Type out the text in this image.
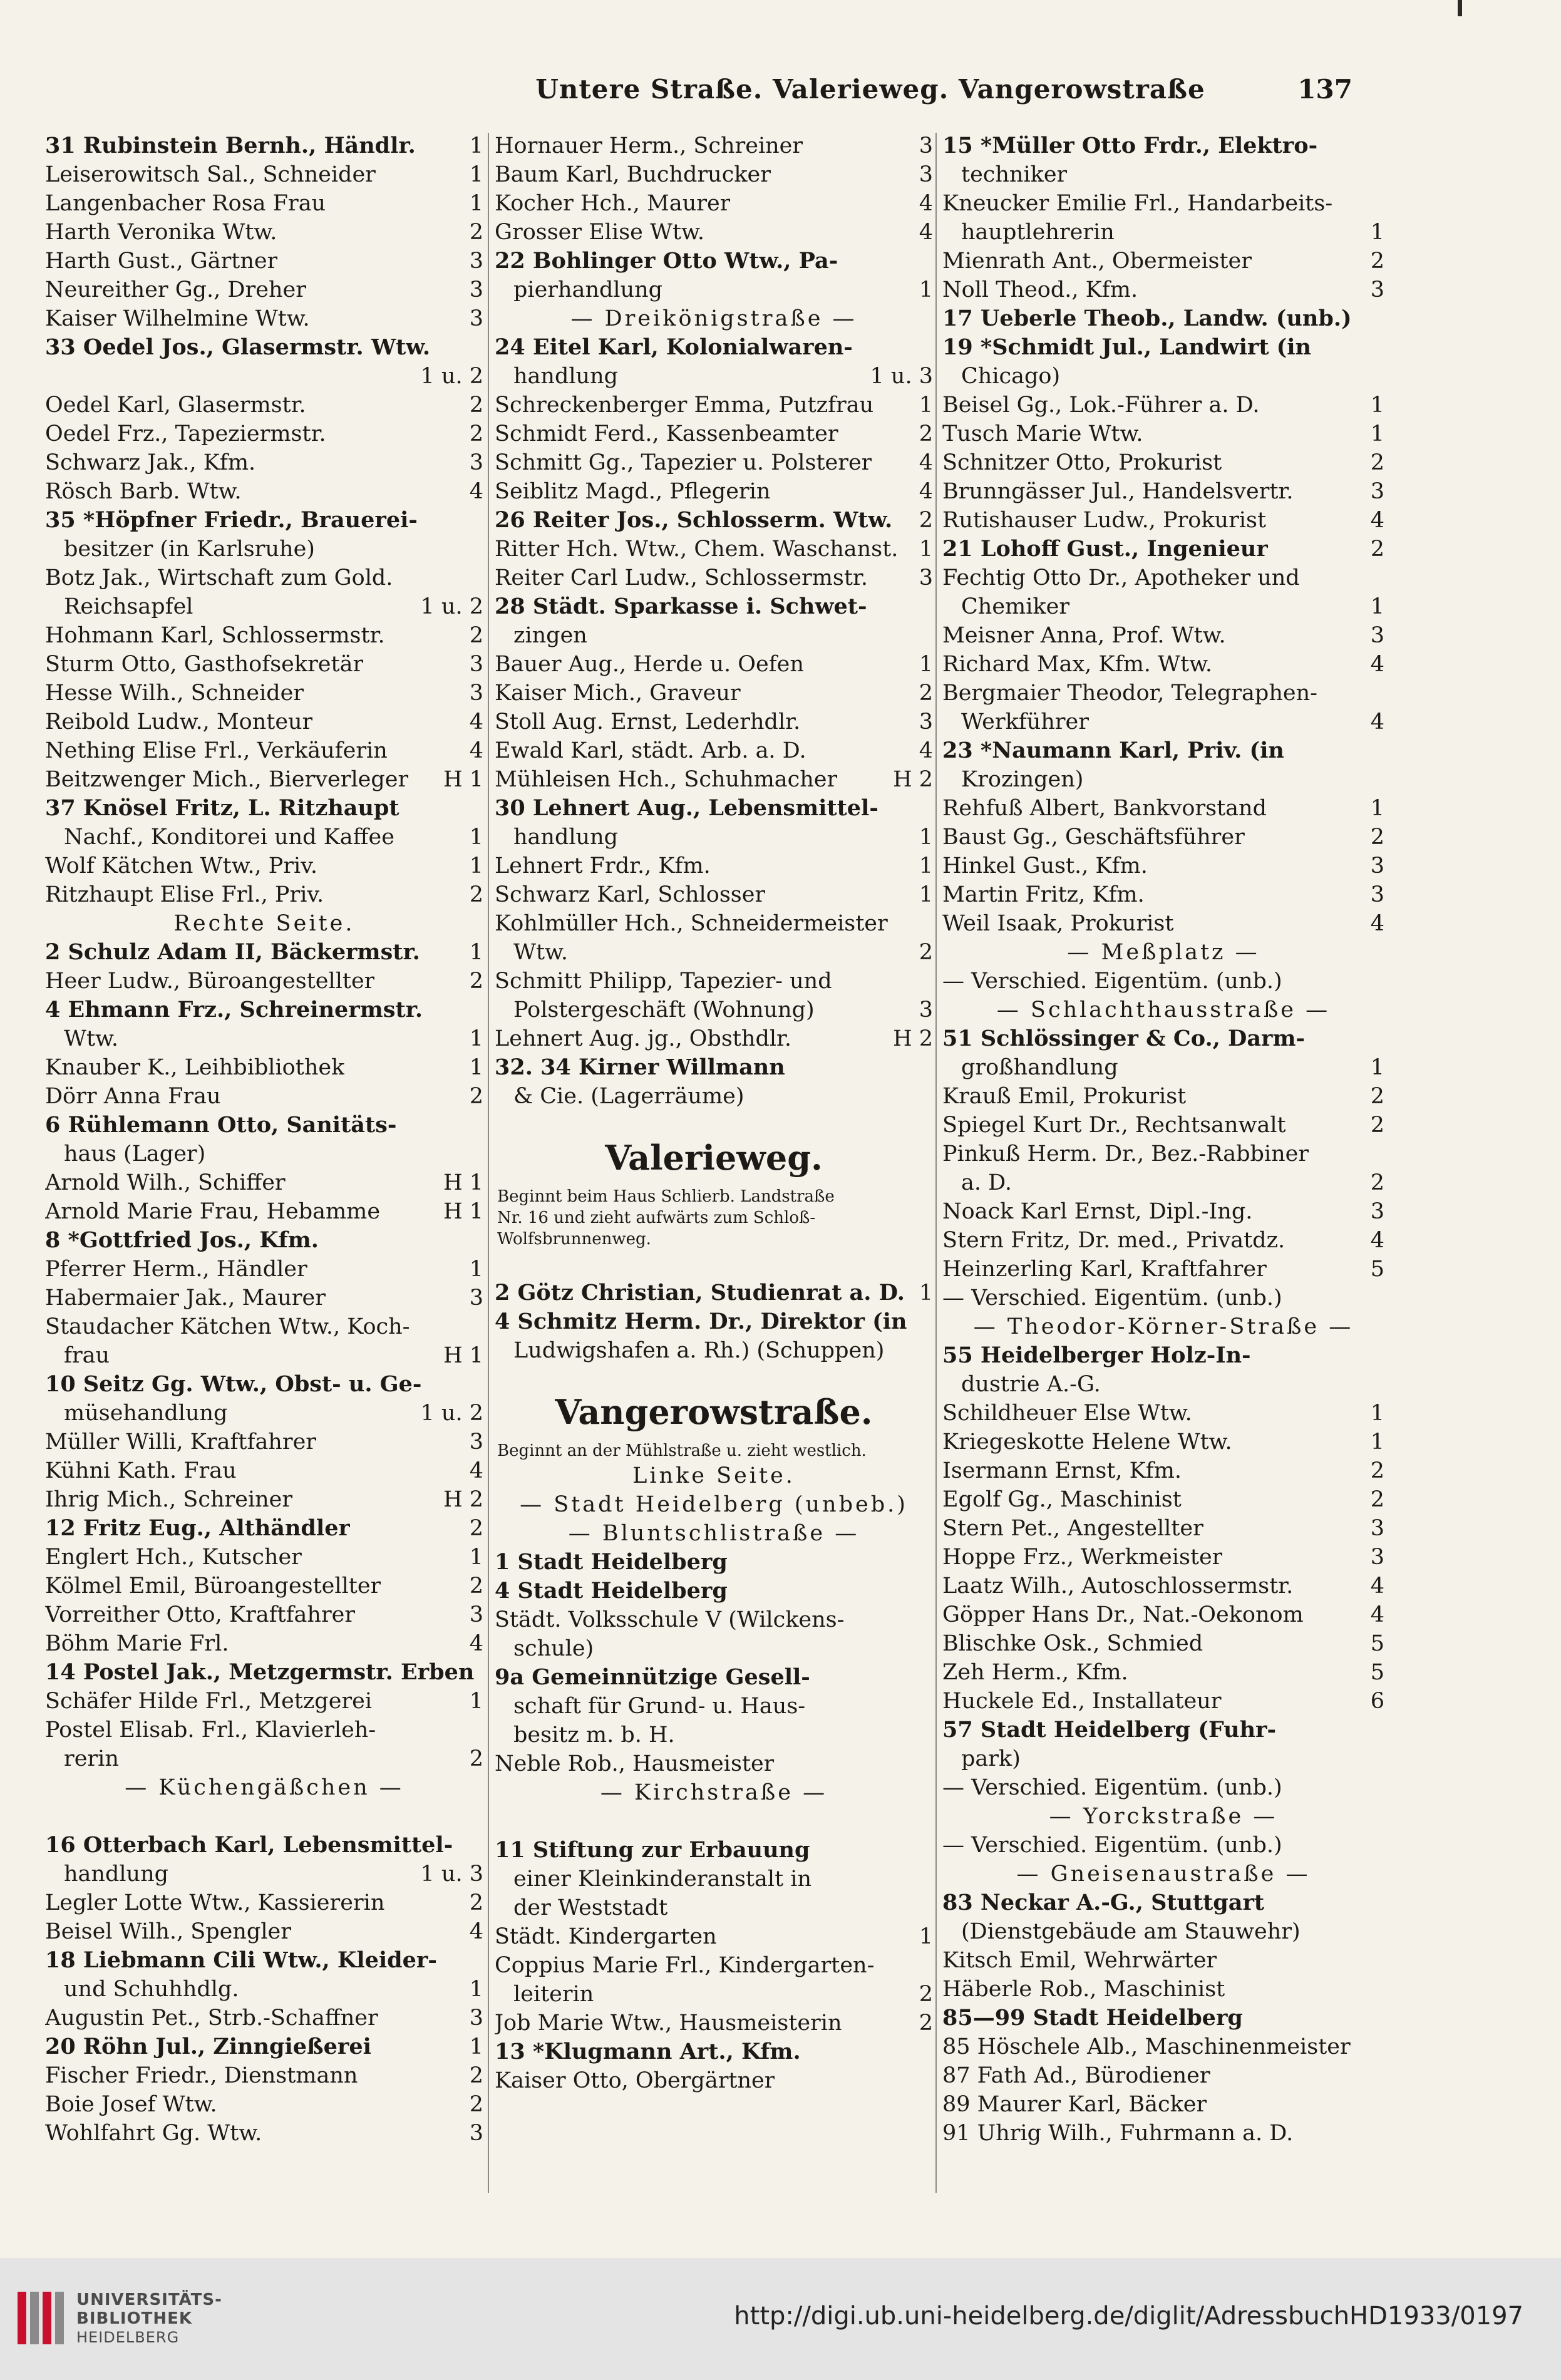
Untere Straße. Valerieweg. Vangerowstraße	137
31 Rubinstein Bernh., Händlr. 1
Leiserowitsch Sal., Schneider	1
Langenbacher Rosa Frau	1
Harth Veronika Wtw.	2
Harth Gust., Gärtner	3
Neureither Gg., Dreher	3
Kaiser Wilhelmine Wtw.	3
33 Oedel Jos., Glasermstr. Wtw.
1 u. 2
Oedel Karl, Glasermstr.	2
Oedel Frz., Tapeziermstr.	2
Schwarz Jak., Kfm.	3
Rösch Barb. Wtw.	4
35 *Höpfner Friedr., Brauerei-
besitzer (in Karlsruhe)
Botz Jak., Wirtschaft zum Gold.
Reichsapfel	1 u. 2
Hohmann Karl, Schlossermstr.	2
Sturm Otto, Gasthofsekretär	3
Hesse Wilh., Schneider	3
Reibold Ludw., Monteur	4
Nething Elise Frl., Verkäuferin	4
Beitzwenger Mich., Bierverleger H 1
37 Knösel Fritz, L. Ritzhaupt
Nachf., Konditorei und Kaffee	1
Wolf Kätchen Wtw., Priv.	1
Ritzhaupt Elise Frl., Priv.	2
Rechte Seite.
2 Schulz Adam II, Bäckermstr. 1
Heer Ludw., Büroangestellter	2
4 Ehmann Frz., Schreinermstr.
Wtw.	1
Knauber K., Leihbibliothek	1
Dörr Anna Frau	2
6 Rühlemann Otto, Sanitäts-
haus (Lager)
Arnold Wilh., Schiffer	H 1
Arnold Marie Frau, Hebamme	H 1
8 *Gottfried Jos., Kfm.
Pferrer Herm., Händler	1
Habermaier Jak., Maurer	3
Staudacher Kätchen Wtw., Koch-
frau	H 1
10 Seitz Gg. Wtw., Obst- u. Ge-
müsehandlung	1 u. 2
Müller Willi, Kraftfahrer	3
Kühni Kath. Frau	4
Ihrig Mich., Schreiner	H 2
12 Fritz Eug., Althändler	2
Englert Hch., Kutscher	1
Kölmel Emil, Büroangestellter	2
Vorreither Otto, Kraftfahrer	3
Böhm Marie Frl.	4
14 Postel Jak., Metzgermstr. Erben
Schäfer Hilde Frl., Metzgerei	1
Postel Elisab. Frl., Klavierleh-
rerin	2
— Küchengäßchen —
16 Otterbach Karl, Lebensmittel-
handlung	1 u. 3
Legler Lotte Wtw., Kassiererin	2
Beisel Wilh., Spengler	4
18 Liebmann Cili Wtw., Kleider-
und Schuhhdlg.	1
Augustin Pet., Strb.-Schaffner	3
20 Röhn Jul., Zinngießerei	1
Fischer Friedr., Dienstmann	2
Boie Josef Wtw.	2
Wohlfahrt Gg. Wtw.	3
Hornauer Herm., Schreiner	3
Baum Karl, Buchdrucker	3
Kocher Hch., Maurer	4
Grosser Elise Wtw.	4
22 Bohlinger Otto Wtw., Pa-
pierhandlung	1
— Dreikönigstraße —
24 Eitel Karl, Kolonialwaren-
handlung	1 u. 3
Schreckenberger Emma, Putzfrau 1
Schmidt Ferd., Kassenbeamter	2
Schmitt Gg., Tapezier u. Polsterer 4
Seiblitz Magd., Pflegerin	4
26 Reiter Jos., Schlosserm. Wtw. 2
Ritter Hch. Wtw., Chem. Waschanst. 1
Reiter Carl Ludw., Schlossermstr. 3
28 Städt. Sparkasse i. Schwet-
zingen
Bauer Aug., Herde u. Oefen	1
Kaiser Mich., Graveur	2
Stoll Aug. Ernst, Lederhdlr.	3
Ewald Karl, städt. Arb. a. D.	4
Mühleisen Hch., Schuhmacher	H 2
30 Lehnert Aug., Lebensmittel-
handlung	1
Lehnert Frdr., Kfm.	1
Schwarz Karl, Schlosser	1
Kohlmüller Hch., Schneidermeister
Wtw.	2
Schmitt Philipp, Tapezier- und
Polstergeschäft (Wohnung)	3
Lehnert Aug. jg., Obsthdlr.	H 2
32. 34 Kirner Willmann
& Cie. (Lagerräume)
Valerieweg.
Beginnt beim Haus Schlierb. Landstraße
Nr. 16 und zieht aufwärts zum Schloß-
Wolfsbrunnenweg.
2 Götz Christian, Studienrat a. D. 1
4 Schmitz Herm. Dr., Direktor (in
Ludwigshafen a. Rh.) (Schuppen)
Vangerowstraße.
Beginnt an der Mühlstraße u. zieht westlich.
Linke Seite.
— Stadt Heidelberg (unbeb.)
— Bluntschlistraße —
1 Stadt Heidelberg
4 Stadt Heidelberg
Städt. Volksschule V (Wilckens-
schule)
9a Gemeinnützige Gesell-
schaft für Grund- u. Haus-
besitz m. b. H.
Neble Rob., Hausmeister
— Kirchstraße —
11 Stiftung zur Erbauung
einer Kleinkinderanstalt in
der Weststadt
Städt. Kindergarten	1
Coppius Marie Frl., Kindergarten-
leiterin	2
Job Marie Wtw., Hausmeisterin	2
13 *Klugmann Art., Kfm.
Kaiser Otto, Obergärtner
15 *Müller Otto Frdr., Elektro-
techniker
Kneucker Emilie Frl., Handarbeits-
hauptlehrerin	1
Mienrath Ant., Obermeister	2
Noll Theod., Kfm.	3
17 Ueberle Theob., Landw. (unb.)
19 *Schmidt Jul., Landwirt (in
Chicago)
Beisel Gg., Lok.-Führer a. D.	1
Tusch Marie Wtw.	1
Schnitzer Otto, Prokurist	2
Brunngässer Jul., Handelsvertr.	3
Rutishauser Ludw., Prokurist	4
21 Lohoff Gust., Ingenieur	2
Fechtig Otto Dr., Apotheker und
Chemiker	1
Meisner Anna, Prof. Wtw.	3
Richard Max, Kfm. Wtw.	4
Bergmaier Theodor, Telegraphen-
Werkführer	4
23 *Naumann Karl, Priv. (in
Krozingen)
Rehfuß Albert, Bankvorstand	1
Baust Gg., Geschäftsführer	2
Hinkel Gust., Kfm.	3
Martin Fritz, Kfm.	3
Weil Isaak, Prokurist	4
— Meßplatz —
— Verschied. Eigentüm. (unb.)
— Schlachthausstraße —
51 Schlössinger & Co., Darm-
großhandlung	1
Krauß Emil, Prokurist	2
Spiegel Kurt Dr., Rechtsanwalt	2
Pinkuß Herm. Dr., Bez.-Rabbiner
a. D.	2
Noack Karl Ernst, Dipl.-Ing.	3
Stern Fritz, Dr. med., Privatdz.	4
Heinzerling Karl, Kraftfahrer	5
— Verschied. Eigentüm. (unb.)
— Theodor-Körner-Straße —
55 Heidelberger Holz-In-
dustrie A.-G.
Schildheuer Else Wtw.	1
Kriegeskotte Helene Wtw.	1
Isermann Ernst, Kfm.	2
Egolf Gg., Maschinist	2
Stern Pet., Angestellter	3
Hoppe Frz., Werkmeister	3
Laatz Wilh., Autoschlossermstr.	4
Göpper Hans Dr., Nat.-Oekonom	4
Blischke Osk., Schmied	5
Zeh Herm., Kfm.	5
Huckele Ed., Installateur	6
57 Stadt Heidelberg (Fuhr-
park)
— Verschied. Eigentüm. (unb.)
— Yorckstraße —
— Verschied. Eigentüm. (unb.)
— Gneisenaustraße —
83 Neckar A.-G., Stuttgart
(Dienstgebäude am Stauwehr)
Kitsch Emil, Wehrwärter
Häberle Rob., Maschinist
85—99 Stadt Heidelberg
85 Höschele Alb., Maschinenmeister
87 Fath Ad., Bürodiener
89 Maurer Karl, Bäcker
91 Uhrig Wilh., Fuhrmann a. D.
UNIVERSITÄTS-
BIBLIOTHEK
HEIDELBERG
http://digi.ub.uni-heidelberg.de/diglit/AdressbuchHD1933/0197
